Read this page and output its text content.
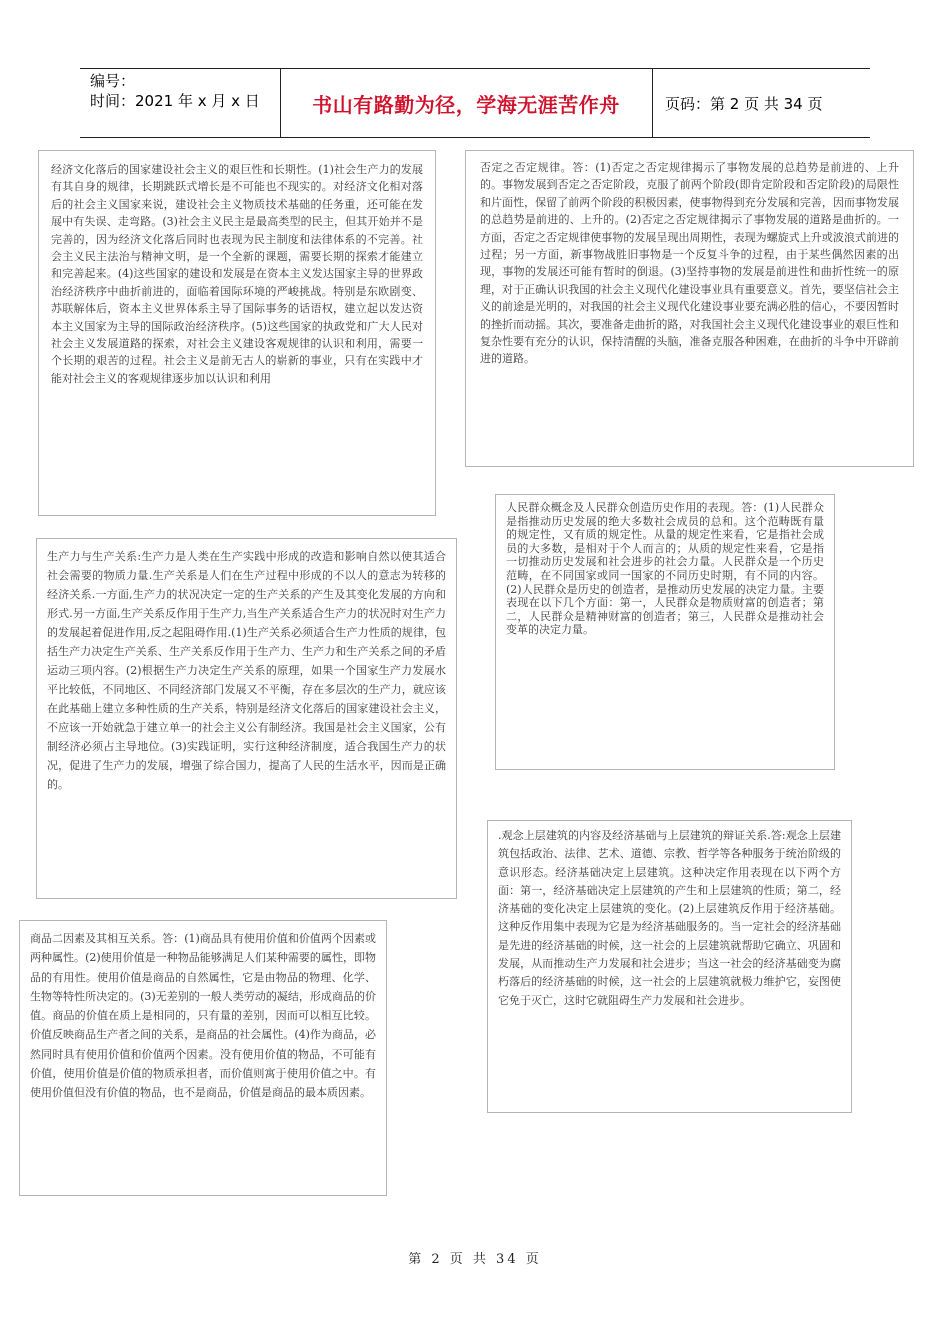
编号：
时间：2021 年 x 月 x 日	书山有路勤为径，学海无涯苦作舟	页码：第 2 页 共 34 页

经济文化落后的国家建设社会主义的艰巨性和长期性。(1)社会生产力的发展有其自身的规律，长期跳跃式增长是不可能也不现实的。对经济文化相对落后的社会主义国家来说，建设社会主义物质技术基础的任务重，还可能在发展中有失误、走弯路。(3)社会主义民主是最高类型的民主，但其开始并不是完善的，因为经济文化落后同时也表现为民主制度和法律体系的不完善。社会主义民主法治与精神文明，是一个全新的课题，需要长期的探索才能建立和完善起来。(4)这些国家的建设和发展是在资本主义发达国家主导的世界政治经济秩序中曲折前进的，面临着国际环境的严峻挑战。特别是东欧剧变、苏联解体后，资本主义世界体系主导了国际事务的话语权，建立起以发达资本主义国家为主导的国际政治经济秩序。(5)这些国家的执政党和广大人民对社会主义发展道路的探索，对社会主义建设客观规律的认识和利用，需要一个长期的艰苦的过程。社会主义是前无古人的崭新的事业，只有在实践中才能对社会主义的客观规律逐步加以认识和利用

否定之否定规律。答：(1)否定之否定规律揭示了事物发展的总趋势是前进的、上升的。事物发展到否定之否定阶段，克服了前两个阶段(即肯定阶段和否定阶段)的局限性和片面性，保留了前两个阶段的积极因素，使事物得到充分发展和完善，因而事物发展的总趋势是前进的、上升的。(2)否定之否定规律揭示了事物发展的道路是曲折的。一方面，否定之否定规律使事物的发展呈现出周期性，表现为螺旋式上升或波浪式前进的过程；另一方面，新事物战胜旧事物是一个反复斗争的过程，由于某些偶然因素的出现，事物的发展还可能有暂时的倒退。(3)坚持事物的发展是前进性和曲折性统一的原理，对于正确认识我国的社会主义现代化建设事业具有重要意义。首先，要坚信社会主义的前途是光明的，对我国的社会主义现代化建设事业要充满必胜的信心，不要因暂时的挫折而动摇。其次，要准备走曲折的路，对我国社会主义现代化建设事业的艰巨性和复杂性要有充分的认识，保持清醒的头脑，准备克服各种困难，在曲折的斗争中开辟前进的道路。

人民群众概念及人民群众创造历史作用的表现。答：(1)人民群众是指推动历史发展的绝大多数社会成员的总和。这个范畴既有量的规定性，又有质的规定性。从量的规定性来看，它是指社会成员的大多数，是相对于个人而言的；从质的规定性来看，它是指一切推动历史发展和社会进步的社会力量。人民群众是一个历史范畴，在不同国家或同一国家的不同历史时期，有不同的内容。(2)人民群众是历史的创造者，是推动历史发展的决定力量。主要表现在以下几个方面：第一，人民群众是物质财富的创造者；第二，人民群众是精神财富的创造者；第三，人民群众是推动社会变革的决定力量。

生产力与生产关系:生产力是人类在生产实践中形成的改造和影响自然以使其适合社会需要的物质力量.生产关系是人们在生产过程中形成的不以人的意志为转移的经济关系.一方面,生产力的状况决定一定的生产关系的产生及其变化发展的方向和形式.另一方面,生产关系反作用于生产力,当生产关系适合生产力的状况时对生产力的发展起着促进作用,反之起阻碍作用.(1)生产关系必须适合生产力性质的规律，包括生产力决定生产关系、生产关系反作用于生产力、生产力和生产关系之间的矛盾运动三项内容。(2)根据生产力决定生产关系的原理，如果一个国家生产力发展水平比较低，不同地区、不同经济部门发展又不平衡，存在多层次的生产力，就应该在此基础上建立多种性质的生产关系，特别是经济文化落后的国家建设社会主义，不应该一开始就急于建立单一的社会主义公有制经济。我国是社会主义国家，公有制经济必须占主导地位。(3)实践证明，实行这种经济制度，适合我国生产力的状况，促进了生产力的发展，增强了综合国力，提高了人民的生活水平，因而是正确的。

.观念上层建筑的内容及经济基础与上层建筑的辩证关系.答:观念上层建筑包括政治、法律、艺术、道德、宗教、哲学等各种服务于统治阶级的意识形态。经济基础决定上层建筑。这种决定作用表现在以下两个方面：第一，经济基础决定上层建筑的产生和上层建筑的性质；第二，经济基础的变化决定上层建筑的变化。(2)上层建筑反作用于经济基础。这种反作用集中表现为它是为经济基础服务的。当一定社会的经济基础是先进的经济基础的时候，这一社会的上层建筑就帮助它确立、巩固和发展，从而推动生产力发展和社会进步；当这一社会的经济基础变为腐朽落后的经济基础的时候，这一社会的上层建筑就极力维护它，妄图使它免于灭亡，这时它就阻碍生产力发展和社会进步。

商品二因素及其相互关系。答：(1)商品具有使用价值和价值两个因素或两种属性。(2)使用价值是一种物品能够满足人们某种需要的属性，即物品的有用性。使用价值是商品的自然属性，它是由物品的物理、化学、生物等特性所决定的。(3)无差别的一般人类劳动的凝结，形成商品的价值。商品的价值在质上是相同的，只有量的差别，因而可以相互比较。价值反映商品生产者之间的关系，是商品的社会属性。(4)作为商品，必然同时具有使用价值和价值两个因素。没有使用价值的物品，不可能有价值，使用价值是价值的物质承担者，而价值则寓于使用价值之中。有使用价值但没有价值的物品，也不是商品，价值是商品的最本质因素。

第 2 页 共 34 页
